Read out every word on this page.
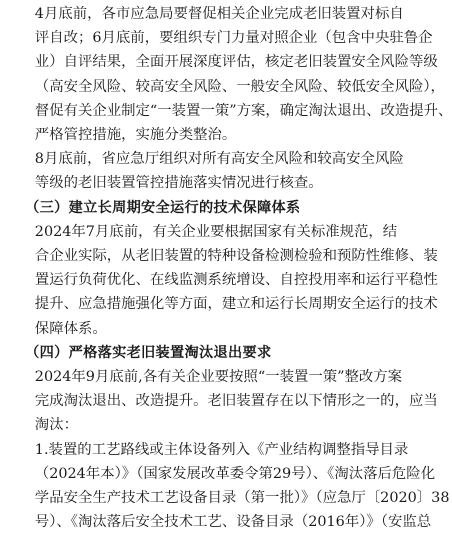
4月底前，各市应急局要督促相关企业完成老旧装置对标自
评自改；6月底前，要组织专门力量对照企业（包含中央驻鲁企
业）自评结果，全面开展深度评估，核定老旧装置安全风险等级
（高安全风险、较高安全风险、一般安全风险、较低安全风险），
督促有关企业制定“一装置一策”方案，确定淘汰退出、改造提升、
严格管控措施，实施分类整治。

8月底前，省应急厅组织对所有高安全风险和较高安全风险
等级的老旧装置管控措施落实情况进行核查。

（三）建立长周期安全运行的技术保障体系

2024年7月底前，有关企业要根据国家有关标准规范，结
合企业实际，从老旧装置的特种设备检测检验和预防性维修、装
置运行负荷优化、在线监测系统增设、自控投用率和运行平稳性
提升、应急措施强化等方面，建立和运行长周期安全运行的技术
保障体系。

（四）严格落实老旧装置淘汰退出要求

2024年9月底前,各有关企业要按照“一装置一策”整改方案
完成淘汰退出、改造提升。老旧装置存在以下情形之一的，应当
淘汰：

1.装置的工艺路线或主体设备列入《产业结构调整指导目录
（2024年本）》（国家发展改革委令第29号）、《淘汰落后危险化
学品安全生产技术工艺设备目录（第一批）》（应急厅〔2020〕38
号）、《淘汰落后安全技术工艺、设备目录（2016年）》（安监总
